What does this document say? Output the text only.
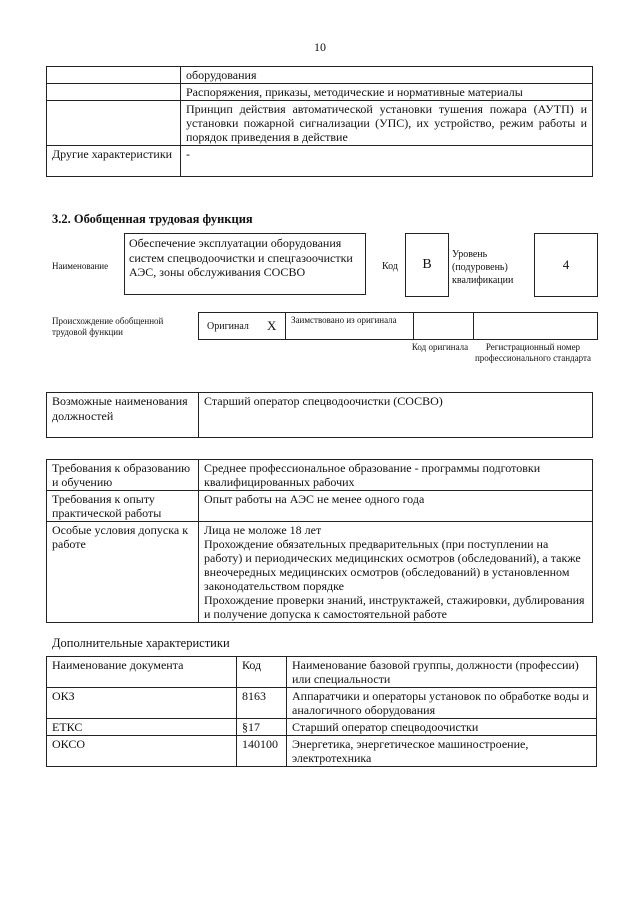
10
	оборудования
	Распоряжения, приказы, методические и нормативные материалы
	Принцип действия автоматической установки тушения пожара (АУТП) и установки пожарной сигнализации (УПС), их устройство, режим работы и порядок приведения в действие
Другие характеристики	-
3.2. Обобщенная трудовая функция
Наименование
Обеспечение эксплуатации оборудования систем спецводоочистки и спецгазоочистки АЭС, зоны обслуживания СОСВО	Код	В
Уровень (подуровень) квалификации
4
Происхождение обобщенной трудовой функции	Оригинал X Заимствовано из оригинала
Код оригинала	Регистрационный номер профессионального стандарта
Возможные наименования должностей	Старший оператор спецводоочистки (СОСВО)
Требования к образованию и обучению	Среднее профессиональное образование - программы подготовки квалифицированных рабочих
Требования к опыту практической работы	Опыт работы на АЭС не менее одного года
Особые условия допуска к работе	Лица не моложе 18 лет
Прохождение обязательных предварительных (при поступлении на работу) и периодических медицинских осмотров (обследований), а также внеочередных медицинских осмотров (обследований) в установленном законодательством порядке
Прохождение проверки знаний, инструктажей, стажировки, дублирования и получение допуска к самостоятельной работе
Дополнительные характеристики
Наименование документа	Код	Наименование базовой группы, должности (профессии) или специальности
ОКЗ	8163	Аппаратчики и операторы установок по обработке воды и аналогичного оборудования
ЕТКС	§17	Старший оператор спецводоочистки
ОКСО	140100	Энергетика, энергетическое машиностроение, электротехника
